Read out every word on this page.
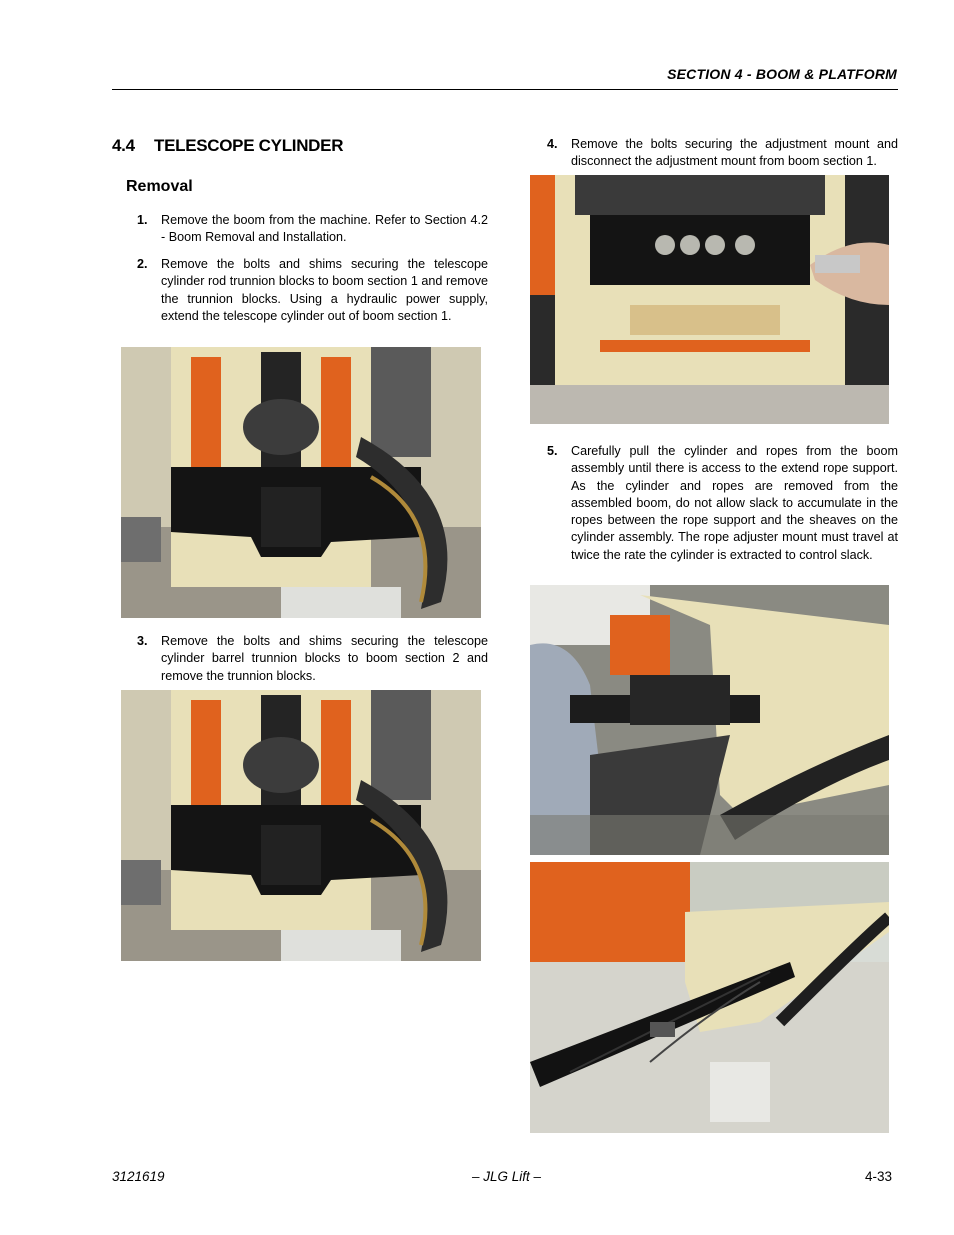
SECTION 4 - BOOM & PLATFORM
4.4 TELESCOPE CYLINDER
Removal
1. Remove the boom from the machine. Refer to Section 4.2 - Boom Removal and Installation.
2. Remove the bolts and shims securing the telescope cylinder rod trunnion blocks to boom section 1 and remove the trunnion blocks. Using a hydraulic power supply, extend the telescope cylinder out of boom section 1.
3. Remove the bolts and shims securing the telescope cylinder barrel trunnion blocks to boom section 2 and remove the trunnion blocks.
4. Remove the bolts securing the adjustment mount and disconnect the adjustment mount from boom section 1.
5. Carefully pull the cylinder and ropes from the boom assembly until there is access to the extend rope support. As the cylinder and ropes are removed from the assembled boom, do not allow slack to accumulate in the ropes between the rope support and the sheaves on the cylinder assembly. The rope adjuster mount must travel at twice the rate the cylinder is extracted to control slack.
3121619	– JLG Lift –	4-33
